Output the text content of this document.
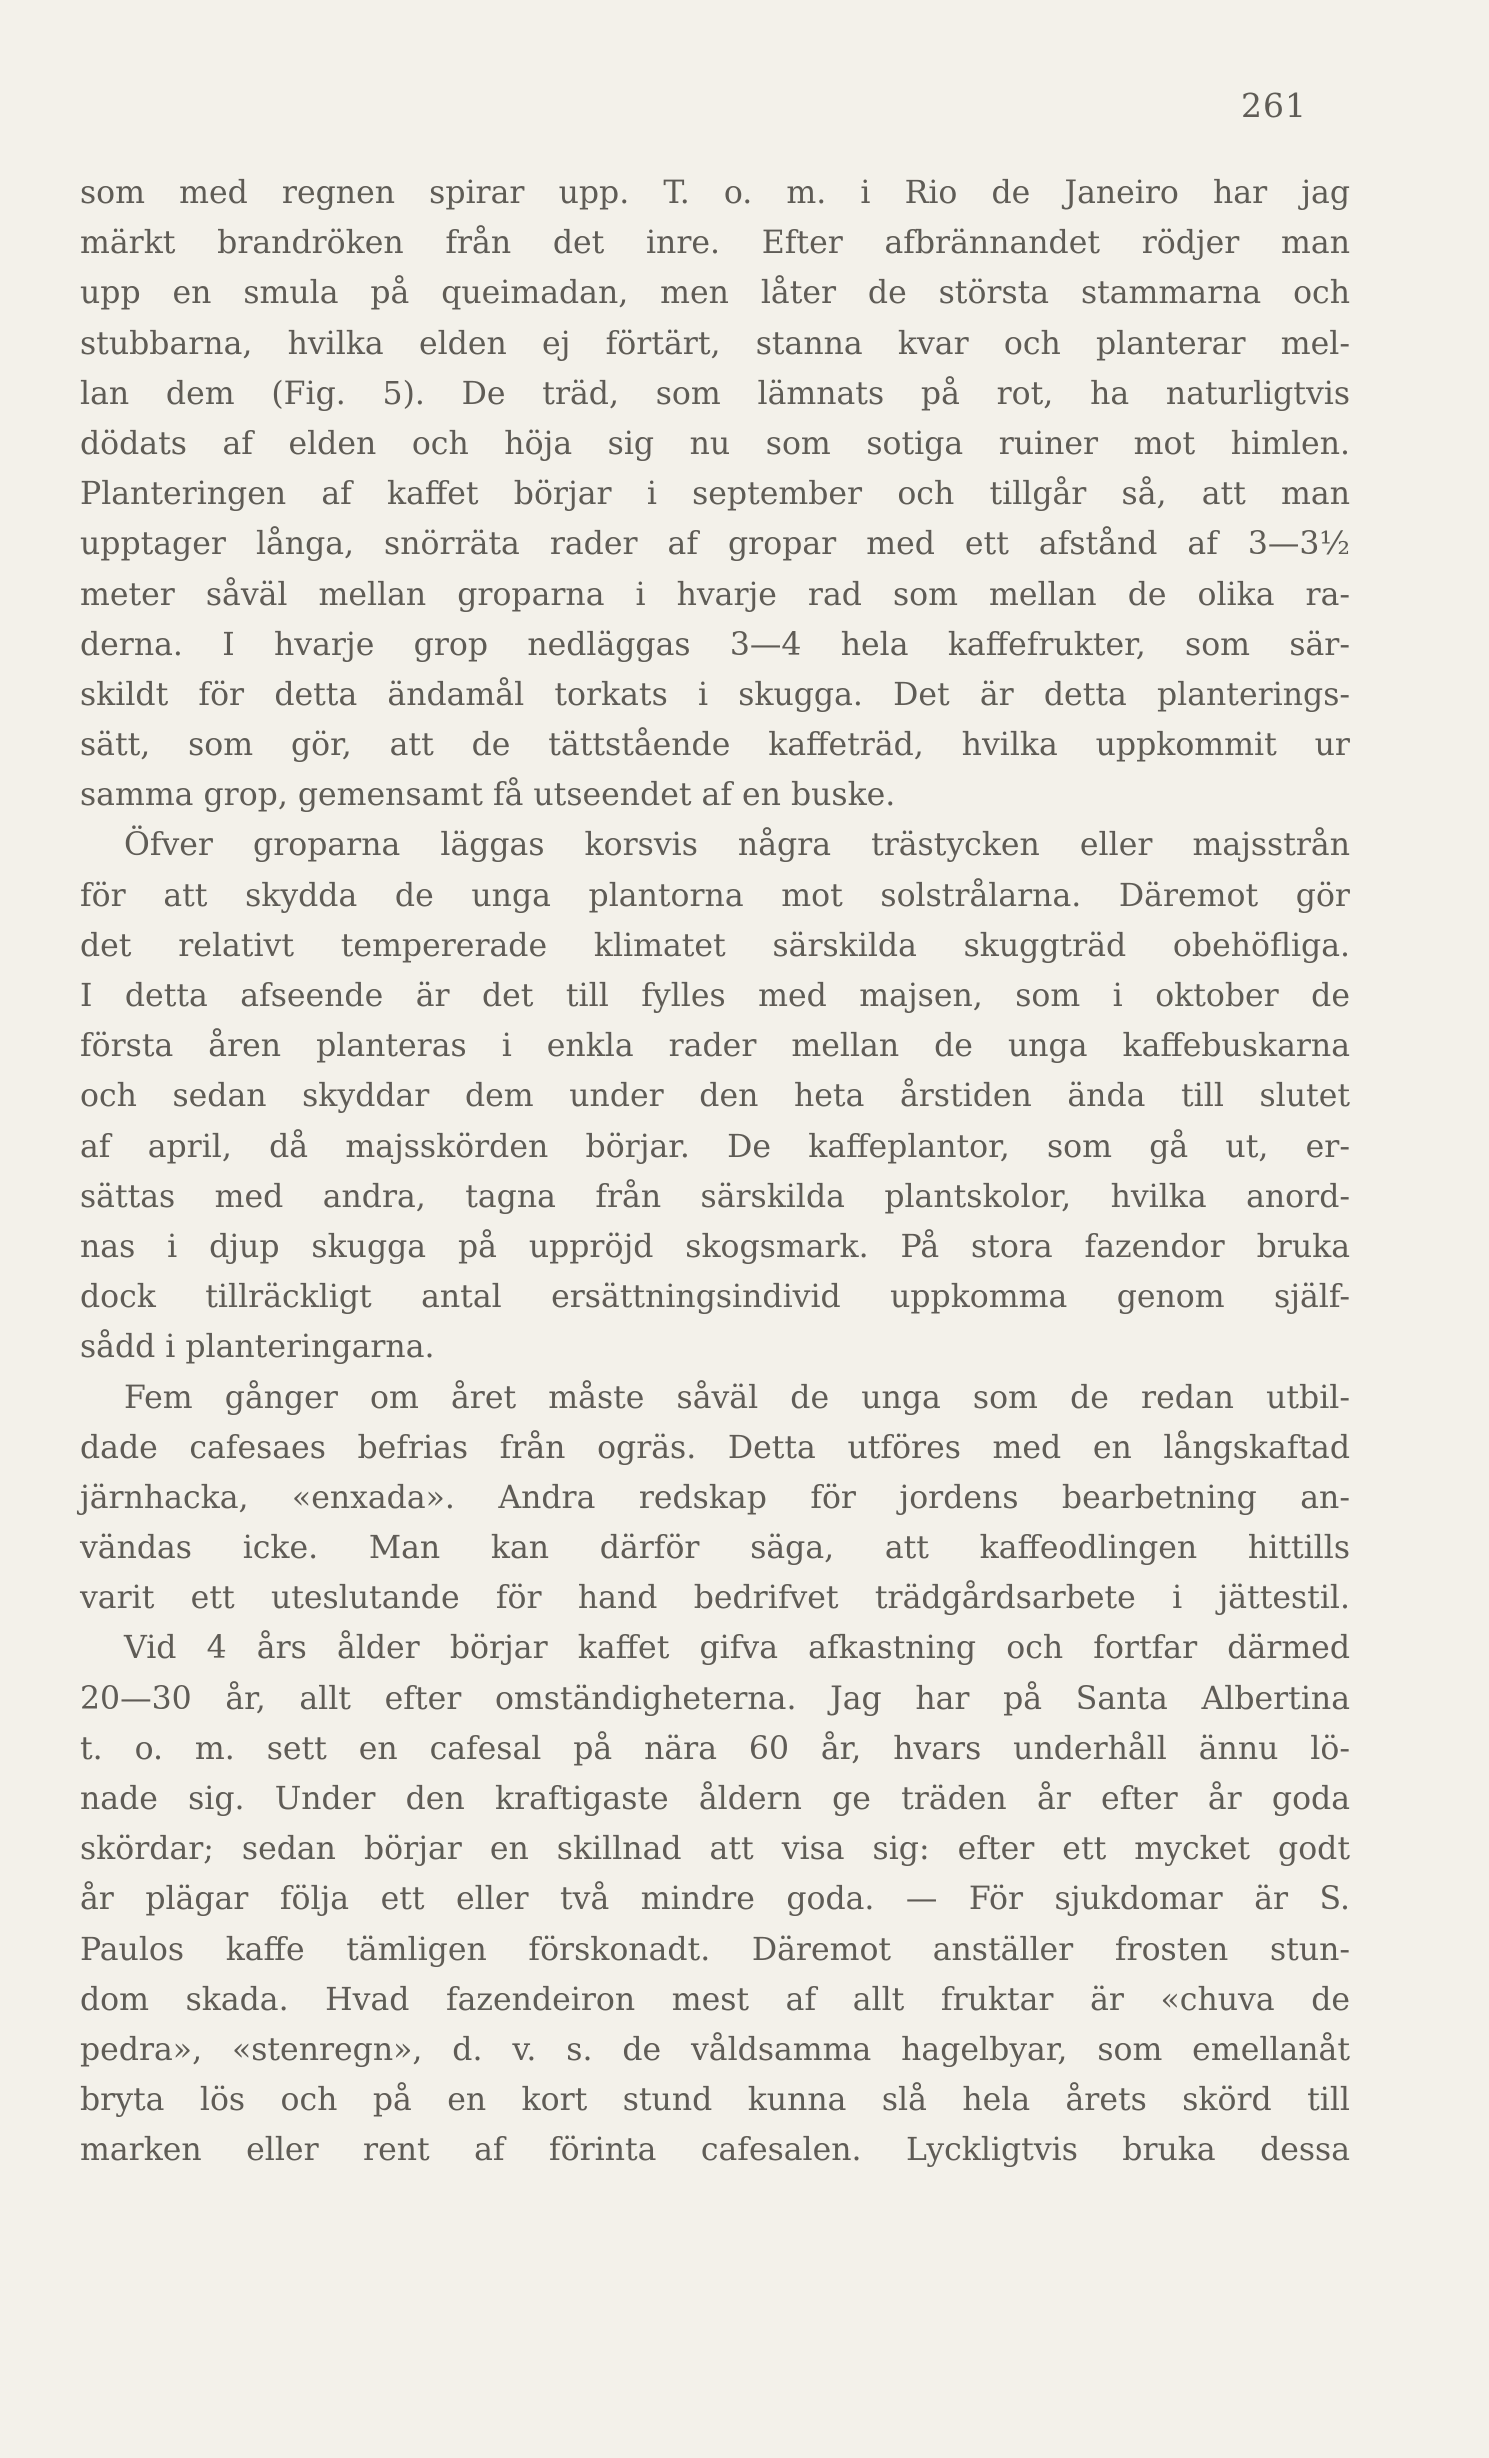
261
som med regnen spirar upp. T. o. m. i Rio de Janeiro har jag
märkt brandröken från det inre. Efter afbrännandet rödjer man
upp en smula på queimadan, men låter de största stammarna och
stubbarna, hvilka elden ej förtärt, stanna kvar och planterar mel-
lan dem (Fig. 5). De träd, som lämnats på rot, ha naturligtvis
dödats af elden och höja sig nu som sotiga ruiner mot himlen.
Planteringen af kaffet börjar i september och tillgår så, att man
upptager långa, snörräta rader af gropar med ett afstånd af 3—3½
meter såväl mellan groparna i hvarje rad som mellan de olika ra-
derna. I hvarje grop nedläggas 3—4 hela kaffefrukter, som sär-
skildt för detta ändamål torkats i skugga. Det är detta planterings-
sätt, som gör, att de tättstående kaffeträd, hvilka uppkommit ur
samma grop, gemensamt få utseendet af en buske.
Öfver groparna läggas korsvis några trästycken eller majsstrån
för att skydda de unga plantorna mot solstrålarna. Däremot gör
det relativt tempererade klimatet särskilda skuggträd obehöfliga.
I detta afseende är det till fylles med majsen, som i oktober de
första åren planteras i enkla rader mellan de unga kaffebuskarna
och sedan skyddar dem under den heta årstiden ända till slutet
af april, då majsskörden börjar. De kaffeplantor, som gå ut, er-
sättas med andra, tagna från särskilda plantskolor, hvilka anord-
nas i djup skugga på uppröjd skogsmark. På stora fazendor bruka
dock tillräckligt antal ersättningsindivid uppkomma genom själf-
sådd i planteringarna.
Fem gånger om året måste såväl de unga som de redan utbil-
dade cafesaes befrias från ogräs. Detta utföres med en långskaftad
järnhacka, «enxada». Andra redskap för jordens bearbetning an-
vändas icke. Man kan därför säga, att kaffeodlingen hittills
varit ett uteslutande för hand bedrifvet trädgårdsarbete i jättestil.
Vid 4 års ålder börjar kaffet gifva afkastning och fortfar därmed
20—30 år, allt efter omständigheterna. Jag har på Santa Albertina
t. o. m. sett en cafesal på nära 60 år, hvars underhåll ännu lö-
nade sig. Under den kraftigaste åldern ge träden år efter år goda
skördar; sedan börjar en skillnad att visa sig: efter ett mycket godt
år plägar följa ett eller två mindre goda. — För sjukdomar är S.
Paulos kaffe tämligen förskonadt. Däremot anställer frosten stun-
dom skada. Hvad fazendeiron mest af allt fruktar är «chuva de
pedra», «stenregn», d. v. s. de våldsamma hagelbyar, som emellanåt
bryta lös och på en kort stund kunna slå hela årets skörd till
marken eller rent af förinta cafesalen. Lyckligtvis bruka dessa
